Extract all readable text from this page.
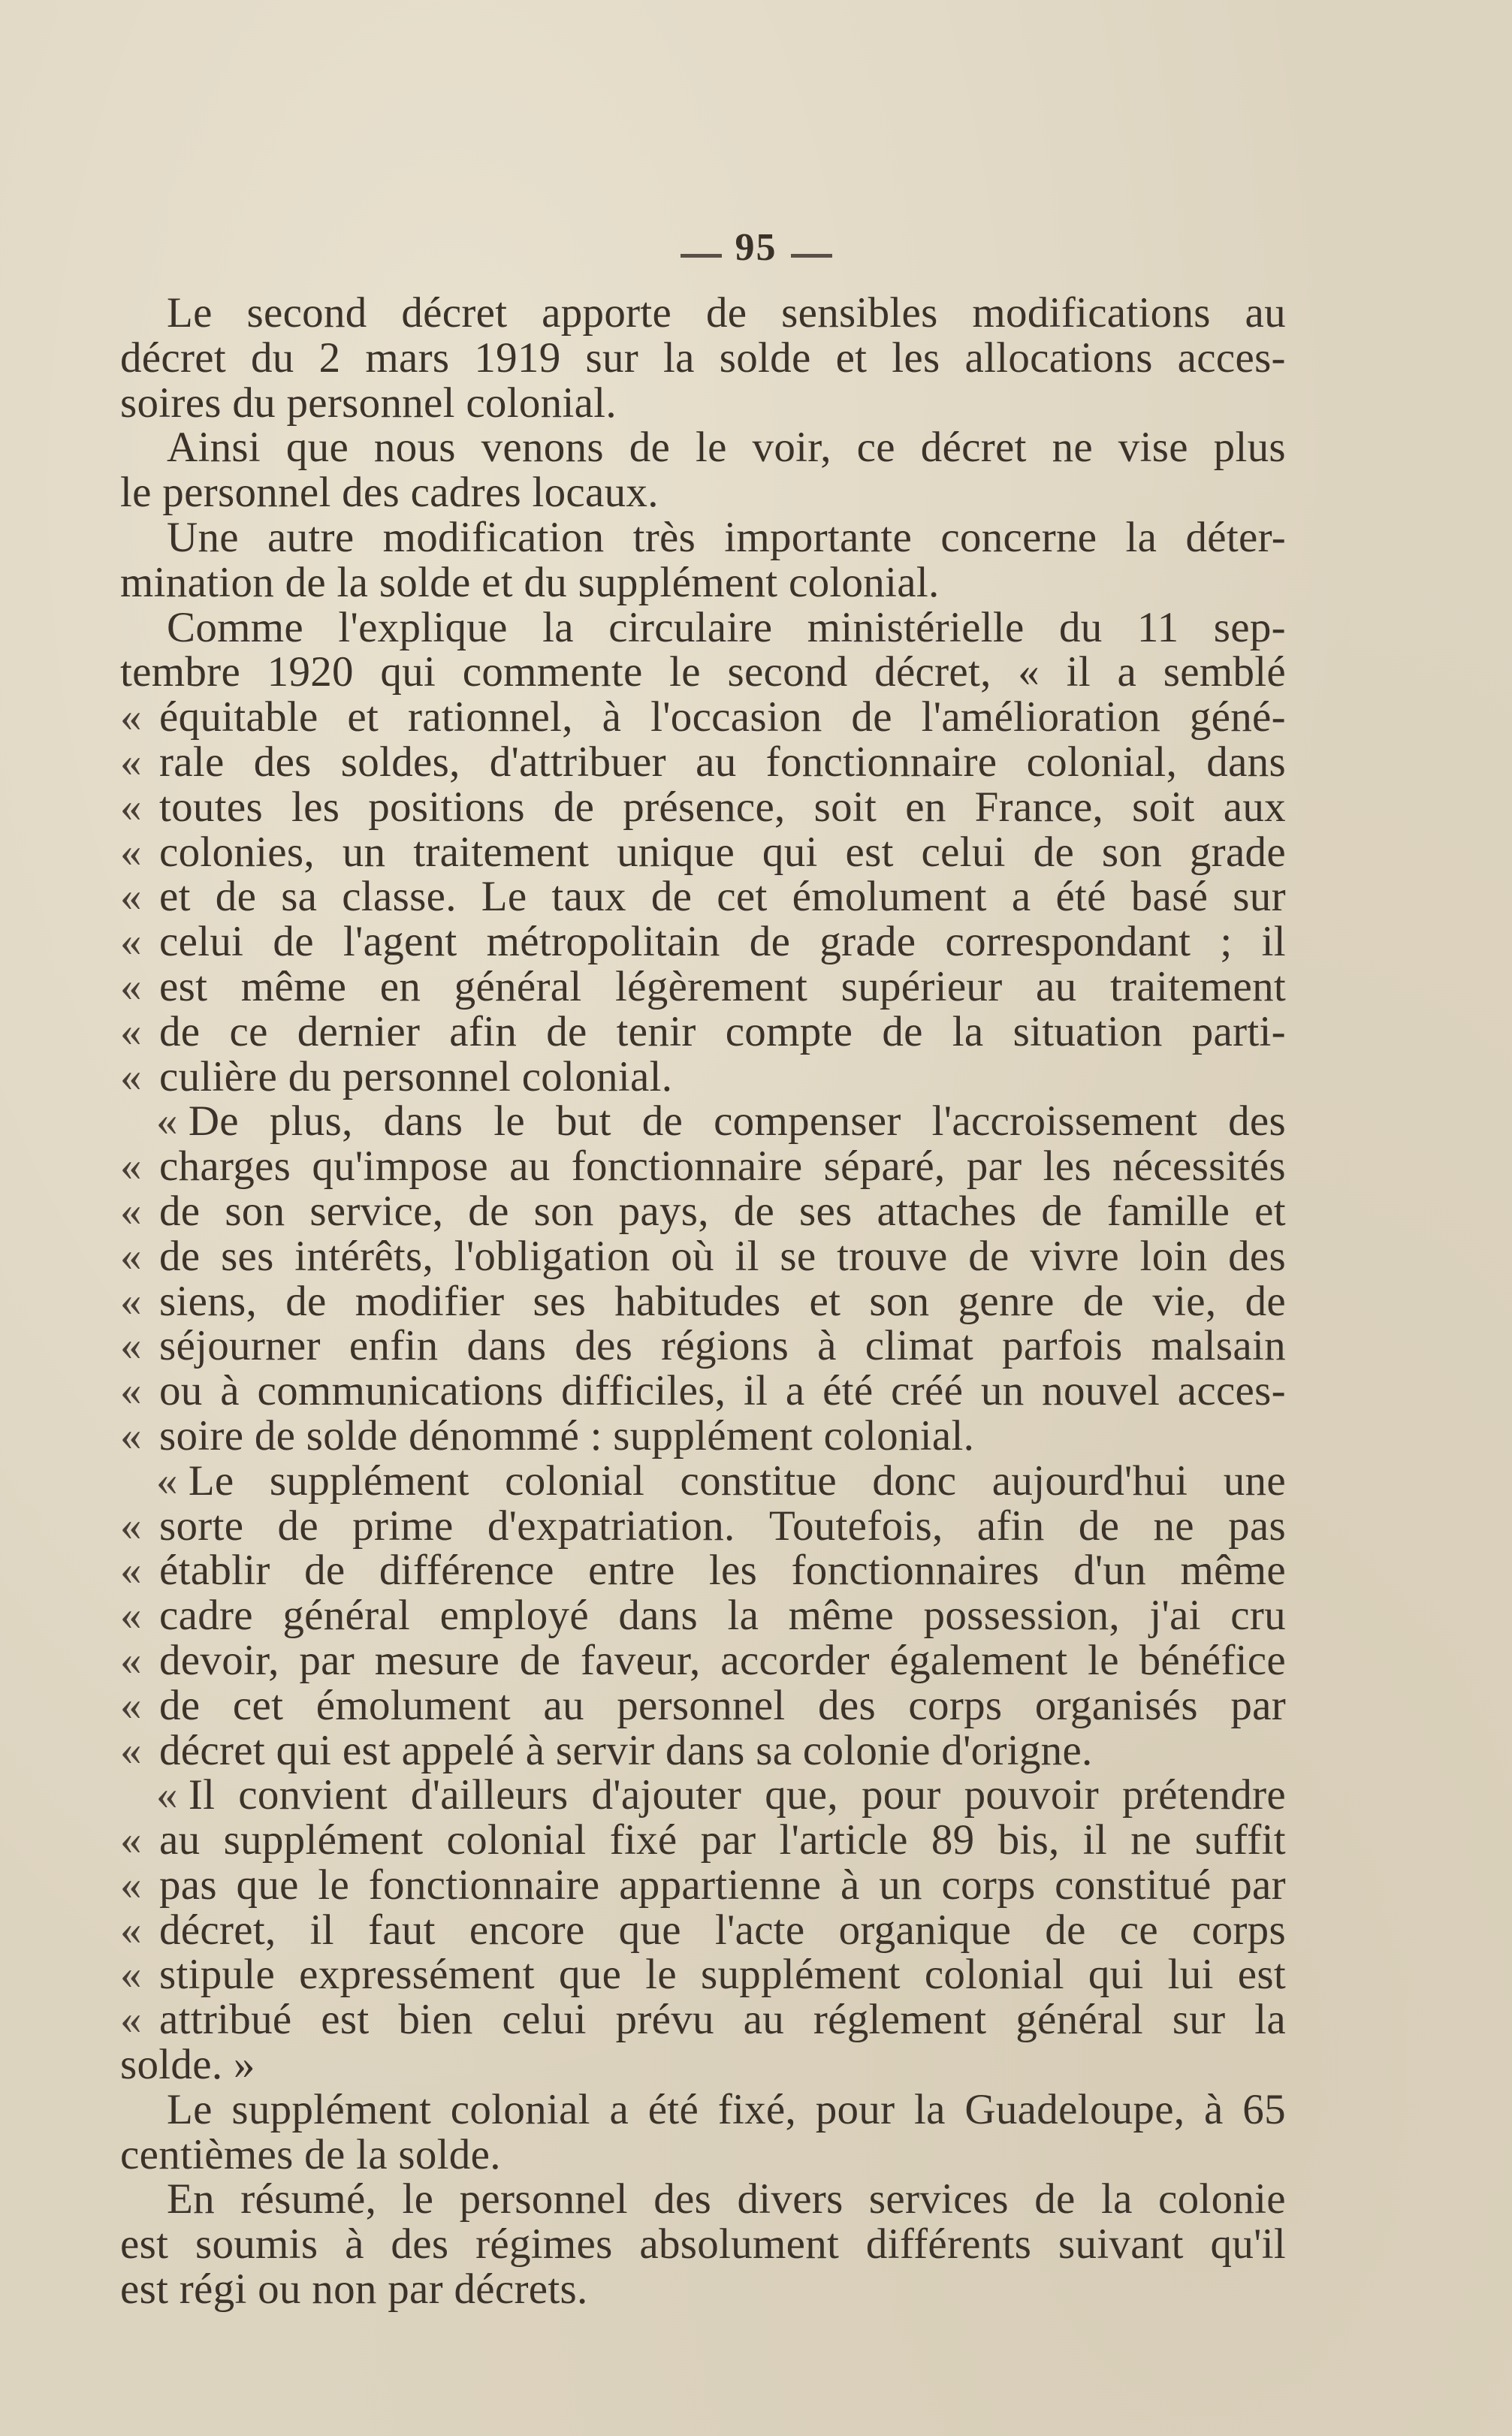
95
Le second décret apporte de sensibles modifications au
décret du 2 mars 1919 sur la solde et les allocations acces-
soires du personnel colonial.
Ainsi que nous venons de le voir, ce décret ne vise plus
le personnel des cadres locaux.
Une autre modification très importante concerne la déter-
mination de la solde et du supplément colonial.
Comme l'explique la circulaire ministérielle du 11 sep-
tembre 1920 qui commente le second décret, « il a semblé
« équitable et rationnel, à l'occasion de l'amélioration géné-
« rale des soldes, d'attribuer au fonctionnaire colonial, dans
« toutes les positions de présence, soit en France, soit aux
« colonies, un traitement unique qui est celui de son grade
« et de sa classe. Le taux de cet émolument a été basé sur
« celui de l'agent métropolitain de grade correspondant ; il
« est même en général légèrement supérieur au traitement
« de ce dernier afin de tenir compte de la situation parti-
« culière du personnel colonial.
« De plus, dans le but de compenser l'accroissement des
« charges qu'impose au fonctionnaire séparé, par les nécessités
« de son service, de son pays, de ses attaches de famille et
« de ses intérêts, l'obligation où il se trouve de vivre loin des
« siens, de modifier ses habitudes et son genre de vie, de
« séjourner enfin dans des régions à climat parfois malsain
« ou à communications difficiles, il a été créé un nouvel acces-
« soire de solde dénommé : supplément colonial.
« Le supplément colonial constitue donc aujourd'hui une
« sorte de prime d'expatriation. Toutefois, afin de ne pas
« établir de différence entre les fonctionnaires d'un même
« cadre général employé dans la même possession, j'ai cru
« devoir, par mesure de faveur, accorder également le bénéfice
« de cet émolument au personnel des corps organisés par
« décret qui est appelé à servir dans sa colonie d'origne.
« Il convient d'ailleurs d'ajouter que, pour pouvoir prétendre
« au supplément colonial fixé par l'article 89 bis, il ne suffit
« pas que le fonctionnaire appartienne à un corps constitué par
« décret, il faut encore que l'acte organique de ce corps
« stipule expressément que le supplément colonial qui lui est
« attribué est bien celui prévu au réglement général sur la
solde. »
Le supplément colonial a été fixé, pour la Guadeloupe, à 65
centièmes de la solde.
En résumé, le personnel des divers services de la colonie
est soumis à des régimes absolument différents suivant qu'il
est régi ou non par décrets.
